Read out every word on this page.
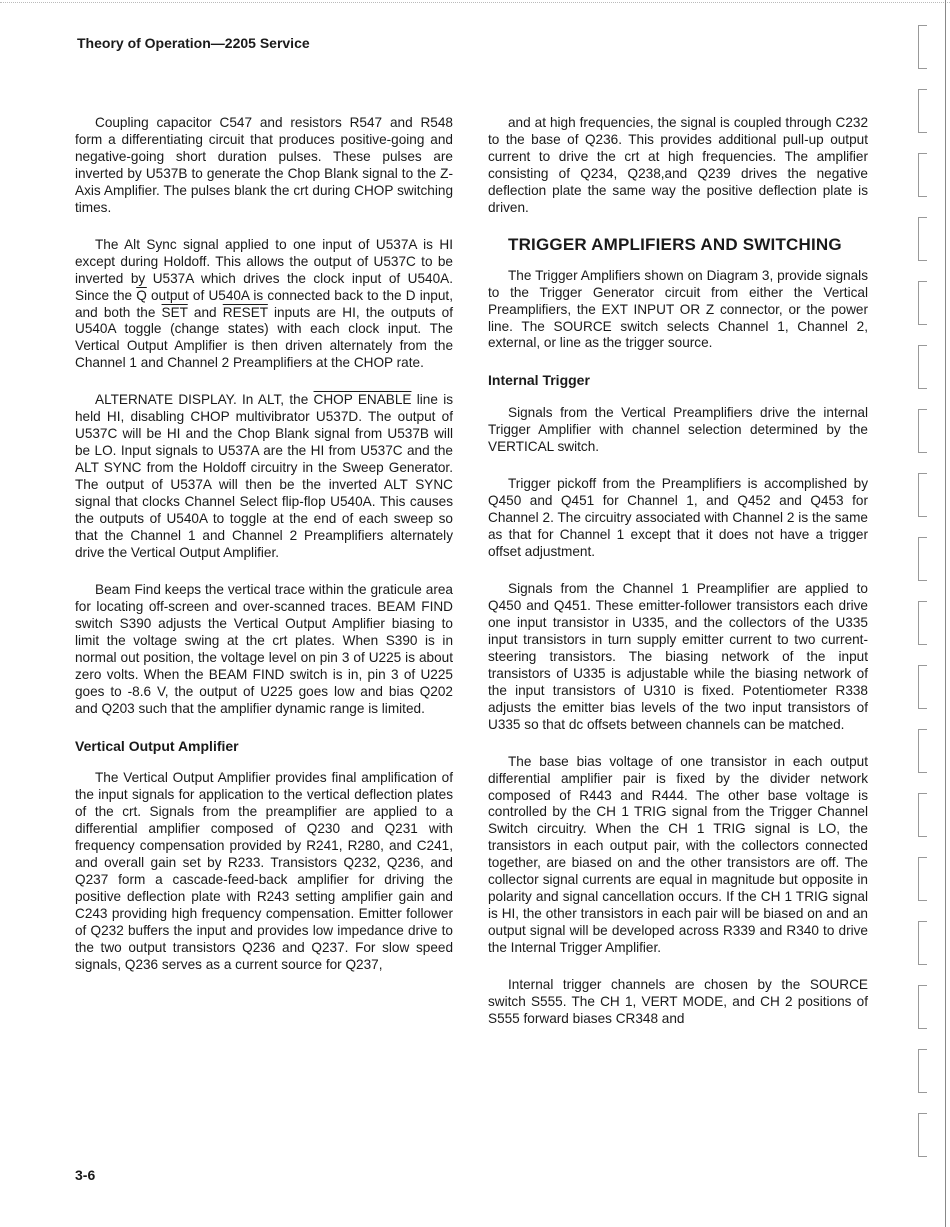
Theory of Operation—2205 Service

Coupling capacitor C547 and resistors R547 and R548 form a differentiating circuit that produces positive-going and negative-going short duration pulses. These pulses are inverted by U537B to generate the Chop Blank signal to the Z-Axis Amplifier. The pulses blank the crt during CHOP switching times.

The Alt Sync signal applied to one input of U537A is HI except during Holdoff. This allows the output of U537C to be inverted by U537A which drives the clock input of U540A. Since the $\overline{Q}$ output of U540A is connected back to the D input, and both the $\overline{SET}$ and RESET inputs are HI, the outputs of U540A toggle (change states) with each clock input. The Vertical Output Amplifier is then driven alternately from the Channel 1 and Channel 2 Preamplifiers at the CHOP rate.

ALTERNATE DISPLAY. In ALT, the CHOP ENABLE line is held HI, disabling CHOP multivibrator U537D. The output of U537C will be HI and the Chop Blank signal from U537B will be LO. Input signals to U537A are the HI from U537C and the ALT SYNC from the Holdoff circuitry in the Sweep Generator. The output of U537A will then be the inverted ALT SYNC signal that clocks Channel Select flip-flop U540A. This causes the outputs of U540A to toggle at the end of each sweep so that the Channel 1 and Channel 2 Preamplifiers alternately drive the Vertical Output Amplifier.

Beam Find keeps the vertical trace within the graticule area for locating off-screen and over-scanned traces. BEAM FIND switch S390 adjusts the Vertical Output Amplifier biasing to limit the voltage swing at the crt plates. When S390 is in normal out position, the voltage level on pin 3 of U225 is about zero volts. When the BEAM FIND switch is in, pin 3 of U225 goes to -8.6 V, the output of U225 goes low and bias Q202 and Q203 such that the amplifier dynamic range is limited.

Vertical Output Amplifier

The Vertical Output Amplifier provides final amplification of the input signals for application to the vertical deflection plates of the crt. Signals from the preamplifier are applied to a differential amplifier composed of Q230 and Q231 with frequency compensation provided by R241, R280, and C241, and overall gain set by R233. Transistors Q232, Q236, and Q237 form a cascade-feed-back amplifier for driving the positive deflection plate with R243 setting amplifier gain and C243 providing high frequency compensation. Emitter follower of Q232 buffers the input and provides low impedance drive to the two output transistors Q236 and Q237. For slow speed signals, Q236 serves as a current source for Q237,

and at high frequencies, the signal is coupled through C232 to the base of Q236. This provides additional pull-up output current to drive the crt at high frequencies. The amplifier consisting of Q234, Q238,and Q239 drives the negative deflection plate the same way the positive deflection plate is driven.

TRIGGER AMPLIFIERS AND SWITCHING

The Trigger Amplifiers shown on Diagram 3, provide signals to the Trigger Generator circuit from either the Vertical Preamplifiers, the EXT INPUT OR Z connector, or the power line. The SOURCE switch selects Channel 1, Channel 2, external, or line as the trigger source.

Internal Trigger

Signals from the Vertical Preamplifiers drive the internal Trigger Amplifier with channel selection determined by the VERTICAL switch.

Trigger pickoff from the Preamplifiers is accomplished by Q450 and Q451 for Channel 1, and Q452 and Q453 for Channel 2. The circuitry associated with Channel 2 is the same as that for Channel 1 except that it does not have a trigger offset adjustment.

Signals from the Channel 1 Preamplifier are applied to Q450 and Q451. These emitter-follower transistors each drive one input transistor in U335, and the collectors of the U335 input transistors in turn supply emitter current to two current-steering transistors. The biasing network of the input transistors of U335 is adjustable while the biasing network of the input transistors of U310 is fixed. Potentiometer R338 adjusts the emitter bias levels of the two input transistors of U335 so that dc offsets between channels can be matched.

The base bias voltage of one transistor in each output differential amplifier pair is fixed by the divider network composed of R443 and R444. The other base voltage is controlled by the CH 1 TRIG signal from the Trigger Channel Switch circuitry. When the CH 1 TRIG signal is LO, the transistors in each output pair, with the collectors connected together, are biased on and the other transistors are off. The collector signal currents are equal in magnitude but opposite in polarity and signal cancellation occurs. If the CH 1 TRIG signal is HI, the other transistors in each pair will be biased on and an output signal will be developed across R339 and R340 to drive the Internal Trigger Amplifier.

Internal trigger channels are chosen by the SOURCE switch S555. The CH 1, VERT MODE, and CH 2 positions of S555 forward biases CR348 and

3-6
